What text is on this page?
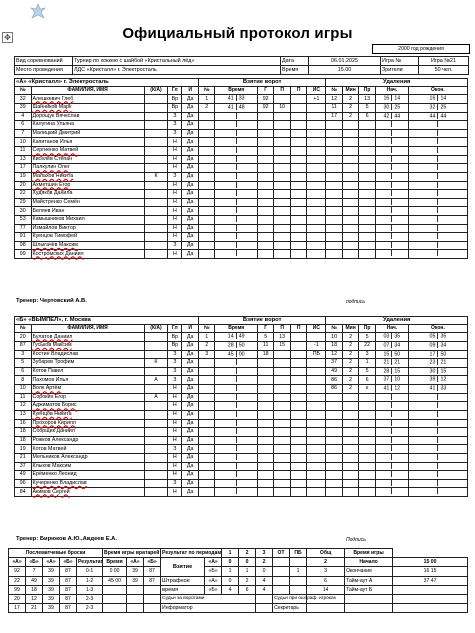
✥	Официальный протокол игры
2000 год рождения
Вид соревнований	Турнир по хоккею с шайбой «Кристальный лёд»	Дата	06.01.2025	Игра №	Игра №21
Место проведения	ЛДС «Кристалл» г. Электросталь	Время	15.00	Зрители	50 чел.
«А» «Кристалл» г. Электросталь					Взятие ворот						Удаления				
№	ФАМИЛИЯ, ИМЯ	(К/А)	Гл	И	№	Время	Г	П	П	ИС	№	Мин	Пр	Нач.	Окон.
32	Алешкевич Глеб		Вр	Да	1	41 33	92			+1	12	2	13	16 14	16 14
39	Шанников Марк		Вр	Да	2	41 48	92	10			11	2	5	30 25	32 25
4	Дорощук Вячеслав		З	Да							17	2	6	42 44	44 44
6	Калугина Ульяна		З	Да											
7	Малицкий Дмитрий		З	Да											
10	Капитанов Илья		Н	Да											
11	Сергиенко Матвей		Н	Да											
13	Киселёв Степан		Н	Да											
17	Палкулин Олег		Н	Да											
19	Малахов Никита	К	З	Да											
20	Ахметшин Егор		Н	Да											
22	Худяков Данила		Н	Да											
29	Майстренко Семён		Н	Да											
30	Беляев Иван		Н	Да											
53	Камышников Михаил		Н	Да											
77	Измайлов Виктор		Н	Да											
91	Куенцов Тимофей		Н	Да											
98	Шлыгачёв Максим		З	Да											
99	Костромских Даниил		Н	Да											
Тренер: Чертовский А.В.	подпись
«Б» «ВЫМПЕЛ», г. Москва					Взятие ворот						Удаления				
№	ФАМИЛИЯ, ИМЯ	(К/А)	Гл	И	№	Время	Г	П	П	ИС	№	Мин	Пр	Нач.	Окон.
20	Булатов Даниил		Вр	Да	1	14 49	5	13			10	2	5	03 35	05 35
87	Гуськов Максим		Вр	Да	2	28 50	11	15		-1	18	2	22	07 34	09 34
3	Костин Владислав		З	Да	3	45 00	18			ПБ	12	2	3	15 50	17 50
5	Зубарев Трофим	К	З	Да							37	2	1	21 21	23 21
6	Котов Павел		З	Да							49	2	5	28 15	30 15
8	Пахомов Илья	А	З	Да							86	2	6	37 10	39 12
10	Волк Артём		Н	Да							86	2	к	41 12	41 33
11	Сорокин Егор	А	Н	Да											
12	Аджиматов Борис		Н	Да											
13	Куенцов Никита		Н	Да											
16	Прохоров Кирилл		Н	Да											
18	Сборщик Даниил		Н	Да											
18	Рожков Александр		Н	Да											
19	Котов Матвей		З	Да											
21	Мельников Александр		Н	Да											
37	Клыков Максим		Н	Да											
49	Ерёменко Леонид		Н	Да											
96	Кучеренко Владислав		З	Да											
84	Акимов Сергей		Н	Да											
Тренер: Бирюков А.Ю.,Авдеев Е.А.	Подпись
Послематчевые броски					Время игры вратарей			Результат по периодам		1	2	3	ОТ	ПБ	Общ	Время игры	
«А»	«Б»	«А»	«Б»	Результат	Время	«А»	«Б»	Взятие	«А»	0	0	2			2	Начало	15 00
92	7	39	87	0-1	0 00	39	87		«Б»	1	1	0		1	3	Окончание	16 15
22	49	39	87	1-2	45 00	39	87	Штрафное	«А»	0	2	4			6	Тайм-аут А	37 47
99	18	39	87	1-3				время	«Б»	4	6	4			14	Тайм-аут Б	
20	12	39	87	2-3				Судьи за воротами					Судьи при оштраф. игроках				
17	21	39	87	2-3				Информатор					Секретарь				
